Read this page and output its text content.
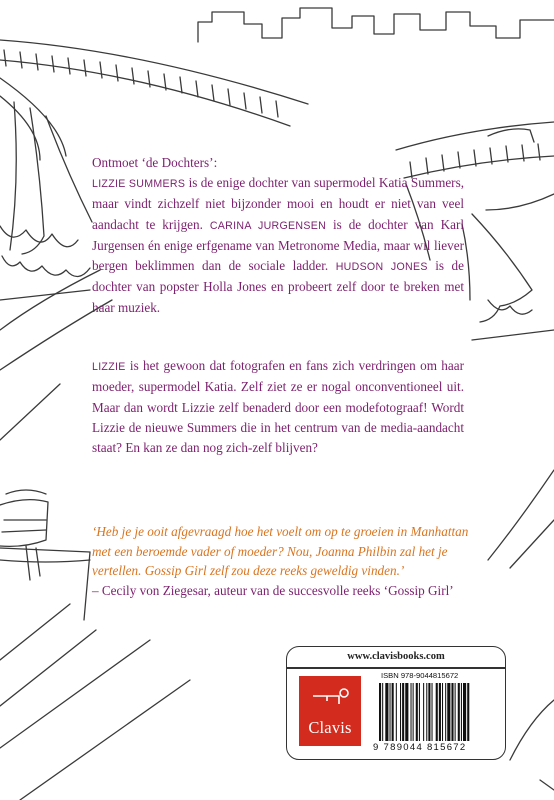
Ontmoet ‘de Dochters’:
LIZZIE SUMMERS is de enige dochter van supermodel Katia Summers, maar vindt zichzelf niet bijzonder mooi en houdt er niet van veel aandacht te krijgen. CARINA JURGENSEN is de dochter van Karl Jurgensen én enige erfgename van Metronome Media, maar wil liever bergen beklimmen dan de sociale ladder. HUDSON JONES is de dochter van popster Holla Jones en probeert zelf door te breken met haar muziek.
LIZZIE is het gewoon dat fotografen en fans zich verdringen om haar moeder, supermodel Katia. Zelf ziet ze er nogal onconventioneel uit. Maar dan wordt Lizzie zelf benaderd door een modefotograaf! Wordt Lizzie de nieuwe Summers die in het centrum van de media-aandacht staat? En kan ze dan nog zich-zelf blijven?
‘Heb je je ooit afgevraagd hoe het voelt om op te groeien in Manhattan met een beroemde vader of moeder? Nou, Joanna Philbin zal het je vertellen. Gossip Girl zelf zou deze reeks geweldig vinden.’
– Cecily von Ziegesar, auteur van de succesvolle reeks ‘Gossip Girl’
www.clavisbooks.com
Clavis
ISBN 978-9044815672
9 789044 815672
